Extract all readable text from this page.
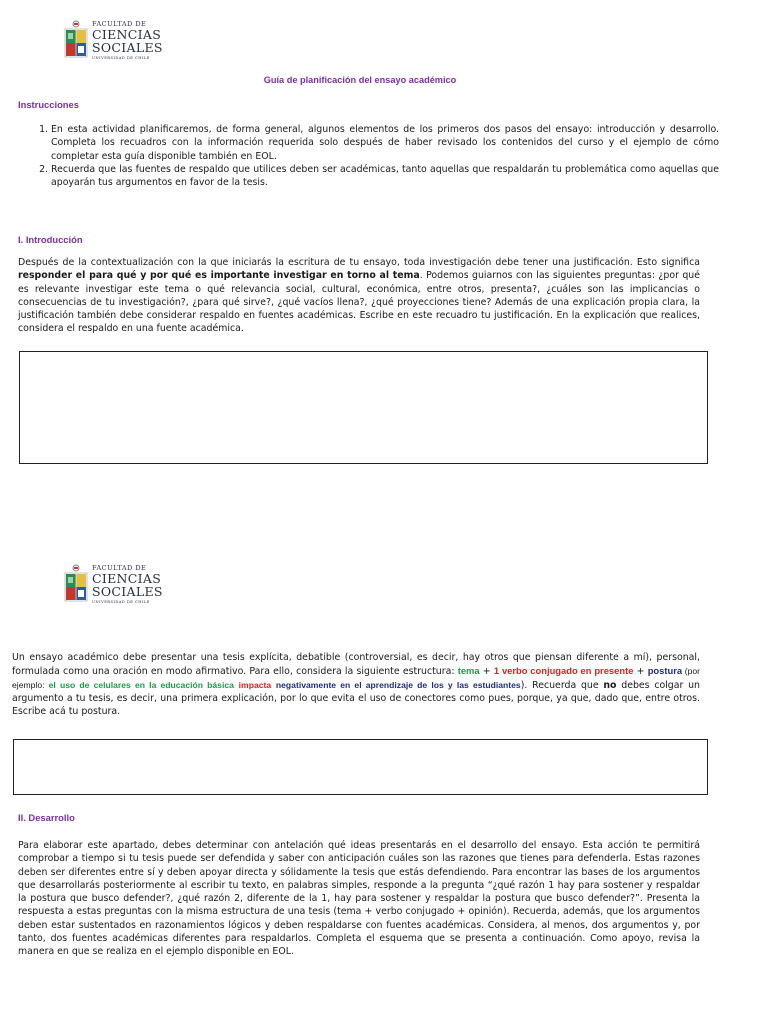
FACULTAD DE
CIENCIAS
SOCIALES
UNIVERSIDAD DE CHILE
Guía de planificación del ensayo académico
Instrucciones
1. En esta actividad planificaremos, de forma general, algunos elementos de los primeros dos pasos del ensayo: introducción y desarrollo. Completa los recuadros con la información requerida solo después de haber revisado los contenidos del curso y el ejemplo de cómo completar esta guía disponible también en EOL.
2. Recuerda que las fuentes de respaldo que utilices deben ser académicas, tanto aquellas que respaldarán tu problemática como aquellas que apoyarán tus argumentos en favor de la tesis.
I. Introducción

Después de la contextualización con la que iniciarás la escritura de tu ensayo, toda investigación debe tener una justificación. Esto significa responder el para qué y por qué es importante investigar en torno al tema. Podemos guiarnos con las siguientes preguntas: ¿por qué es relevante investigar este tema o qué relevancia social, cultural, económica, entre otros, presenta?, ¿cuáles son las implicancias o consecuencias de tu investigación?, ¿para qué sirve?, ¿qué vacíos llena?, ¿qué proyecciones tiene? Además de una explicación propia clara, la justificación también debe considerar respaldo en fuentes académicas. Escribe en este recuadro tu justificación. En la explicación que realices, considera el respaldo en una fuente académica.

FACULTAD DE
CIENCIAS
SOCIALES
UNIVERSIDAD DE CHILE

Un ensayo académico debe presentar una tesis explícita, debatible (controversial, es decir, hay otros que piensan diferente a mí), personal, formulada como una oración en modo afirmativo. Para ello, considera la siguiente estructura: tema + 1 verbo conjugado en presente + postura (por ejemplo: el uso de celulares en la educación básica impacta negativamente en el aprendizaje de los y las estudiantes). Recuerda que no debes colgar un argumento a tu tesis, es decir, una primera explicación, por lo que evita el uso de conectores como pues, porque, ya que, dado que, entre otros. Escribe acá tu postura.

II. Desarrollo

Para elaborar este apartado, debes determinar con antelación qué ideas presentarás en el desarrollo del ensayo. Esta acción te permitirá comprobar a tiempo si tu tesis puede ser defendida y saber con anticipación cuáles son las razones que tienes para defenderla. Estas razones deben ser diferentes entre sí y deben apoyar directa y sólidamente la tesis que estás defendiendo. Para encontrar las bases de los argumentos que desarrollarás posteriormente al escribir tu texto, en palabras simples, responde a la pregunta “¿qué razón 1 hay para sostener y respaldar la postura que busco defender?, ¿qué razón 2, diferente de la 1, hay para sostener y respaldar la postura que busco defender?”. Presenta la respuesta a estas preguntas con la misma estructura de una tesis (tema + verbo conjugado + opinión). Recuerda, además, que los argumentos deben estar sustentados en razonamientos lógicos y deben respaldarse con fuentes académicas. Considera, al menos, dos argumentos y, por tanto, dos fuentes académicas diferentes para respaldarlos. Completa el esquema que se presenta a continuación. Como apoyo, revisa la manera en que se realiza en el ejemplo disponible en EOL.
